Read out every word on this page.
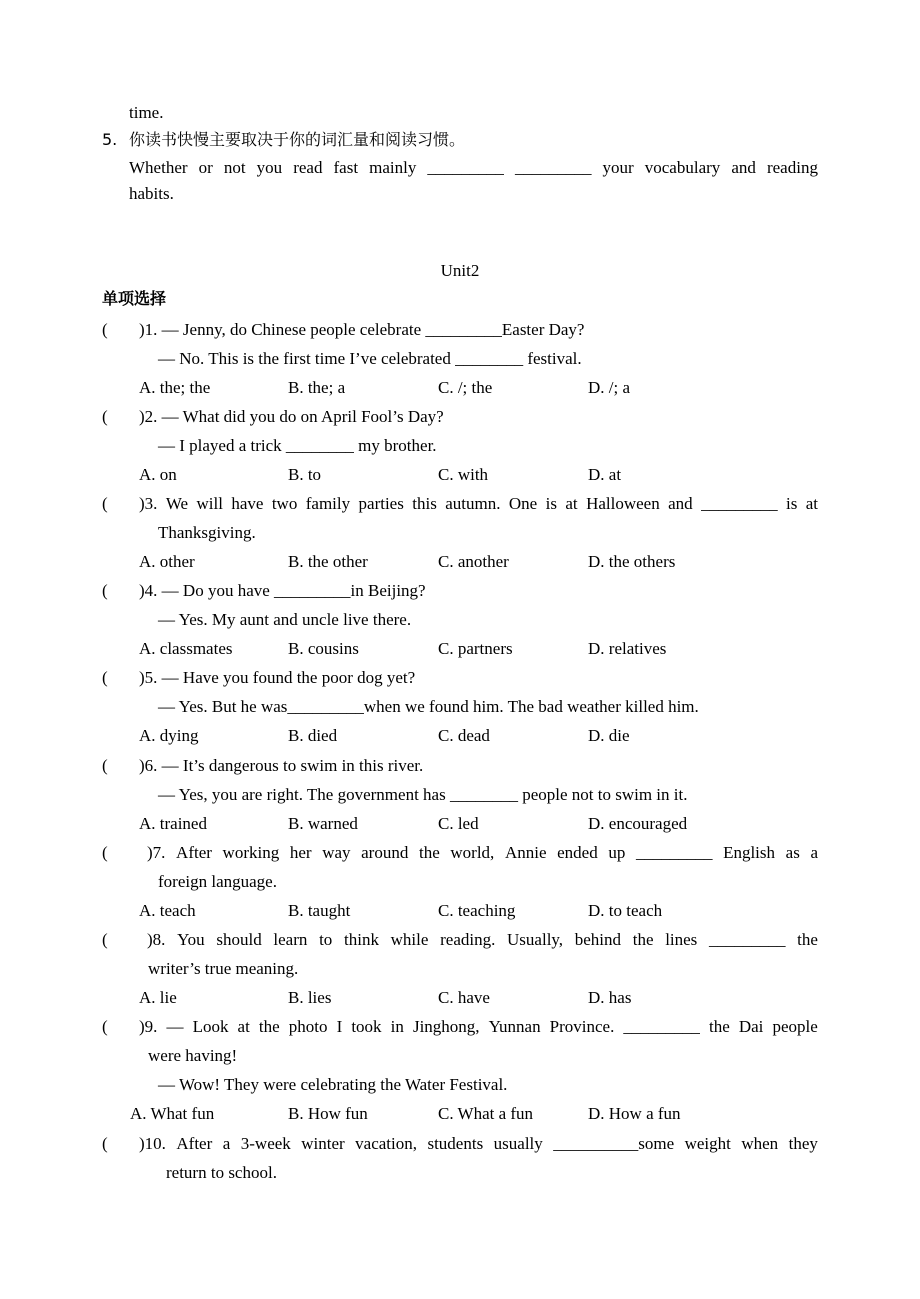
time.
5. 你读书快慢主要取决于你的词汇量和阅读习惯。
Whether or not you read fast mainly _________ _________ your vocabulary and reading
habits.
Unit2
单项选择
( )1. — Jenny, do Chinese people celebrate _________Easter Day?
— No. This is the first time I’ve celebrated ________ festival.
A. the; the	B. the; a	C. /; the	D. /; a
( )2. — What did you do on April Fool’s Day?
— I played a trick ________ my brother.
A. on	B. to	C. with	D. at
( )3. We will have two family parties this autumn. One is at Halloween and _________ is at
Thanksgiving.
A. other	B. the other	C. another	D. the others
( )4. — Do you have _________in Beijing?
— Yes. My aunt and uncle live there.
A. classmates	B. cousins	C. partners	D. relatives
( )5. — Have you found the poor dog yet?
— Yes. But he was_________when we found him. The bad weather killed him.
A. dying	B. died	C. dead	D. die
( )6. — It’s dangerous to swim in this river.
— Yes, you are right. The government has ________ people not to swim in it.
A. trained	B. warned	C. led	D. encouraged
( )7. After working her way around the world, Annie ended up _________ English as a
foreign language.
A. teach	B. taught	C. teaching	D. to teach
( )8. You should learn to think while reading. Usually, behind the lines _________ the
writer’s true meaning.
A. lie	B. lies	C. have	D. has
( )9. — Look at the photo I took in Jinghong, Yunnan Province. _________ the Dai people
were having!
— Wow! They were celebrating the Water Festival.
A. What fun	B. How fun	C. What a fun	D. How a fun
( )10. After a 3-week winter vacation, students usually __________some weight when they
return to school.
